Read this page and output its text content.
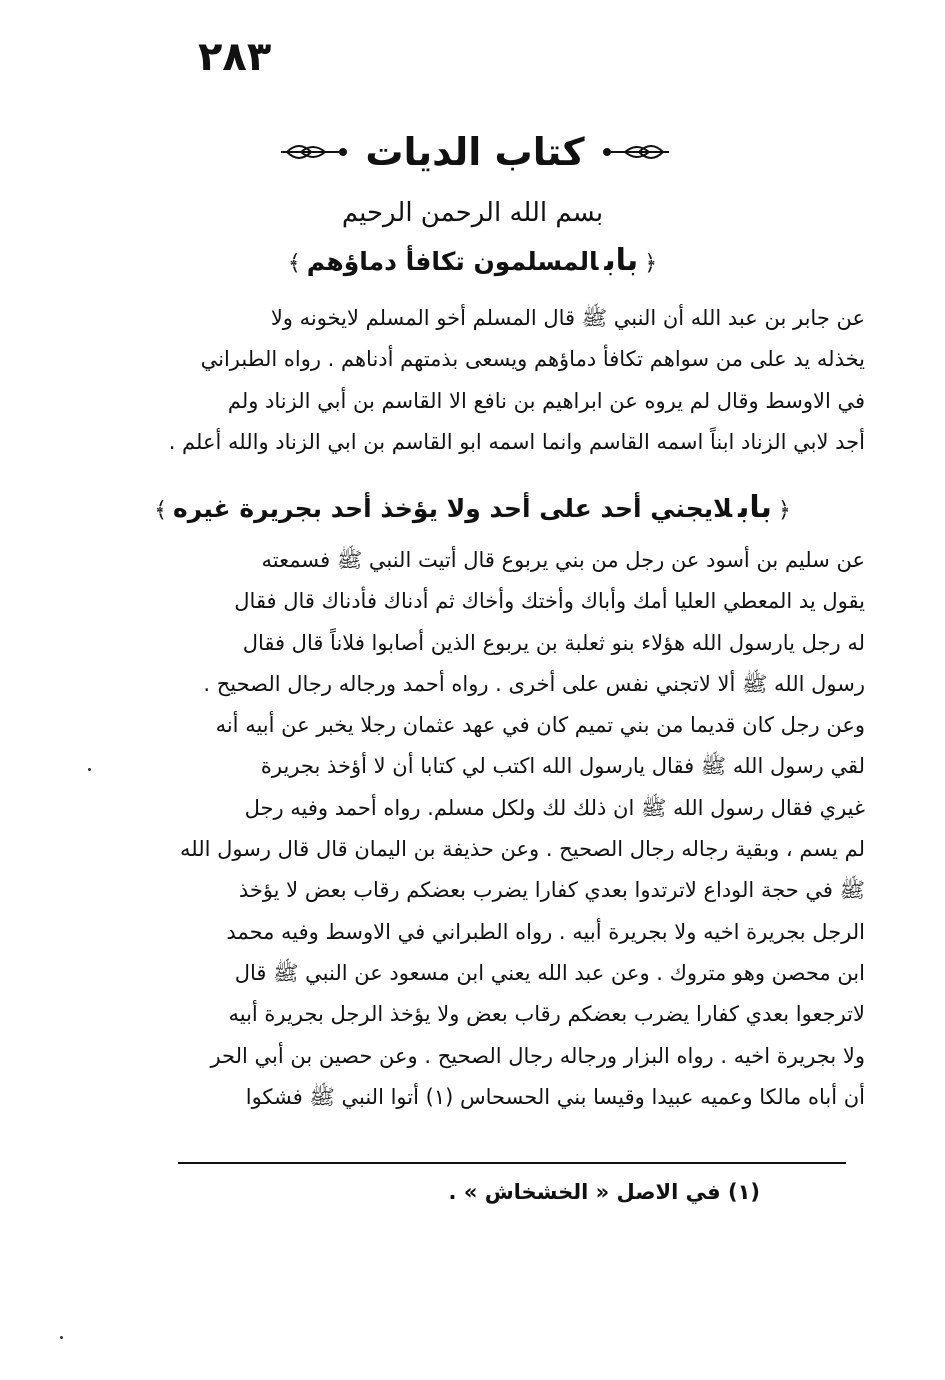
٢٨٣
كتاب الديات
بسم الله الرحمن الرحيم
﴿بابالمسلمون تكافأ دماؤهم﴾
عن جابر بن عبد الله أن النبي ﷺ قال المسلم أخو المسلم لايخونه ولا
يخذله يد على من سواهم تكافأ دماؤهم ويسعى بذمتهم أدناهم . رواه الطبراني
في الاوسط وقال لم يروه عن ابراهيم بن نافع الا القاسم بن أبي الزناد ولم
أجد لابي الزناد ابناً اسمه القاسم وانما اسمه ابو القاسم بن ابي الزناد والله أعلم .
﴿بابلايجني أحد على أحد ولا يؤخذ أحد بجريرة غيره﴾
عن سليم بن أسود عن رجل من بني يربوع قال أتيت النبي ﷺ فسمعته
يقول يد المعطي العليا أمك وأباك وأختك وأخاك ثم أدناك فأدناك قال فقال
له رجل يارسول الله هؤلاء بنو ثعلبة بن يربوع الذين أصابوا فلاناً قال فقال
رسول الله ﷺ ألا لاتجني نفس على أخرى . رواه أحمد ورجاله رجال الصحيح .
وعن رجل كان قديما من بني تميم كان في عهد عثمان رجلا يخبر عن أبيه أنه
لقي رسول الله ﷺ فقال يارسول الله اكتب لي كتابا أن لا أؤخذ بجريرة
غيري فقال رسول الله ﷺ ان ذلك لك ولكل مسلم. رواه أحمد وفيه رجل
لم يسم ، وبقية رجاله رجال الصحيح . وعن حذيفة بن اليمان قال قال رسول الله
ﷺ في حجة الوداع لاترتدوا بعدي كفارا يضرب بعضكم رقاب بعض لا يؤخذ
الرجل بجريرة اخيه ولا بجريرة أبيه . رواه الطبراني في الاوسط وفيه محمد
ابن محصن وهو متروك . وعن عبد الله يعني ابن مسعود عن النبي ﷺ قال
لاترجعوا بعدي كفارا يضرب بعضكم رقاب بعض ولا يؤخذ الرجل بجريرة أبيه
ولا بجريرة اخيه . رواه البزار ورجاله رجال الصحيح . وعن حصين بن أبي الحر
أن أباه مالكا وعميه عبيدا وقيسا بني الحسحاس (١) أتوا النبي ﷺ فشكوا
(١) في الاصل « الخشخاش » .
